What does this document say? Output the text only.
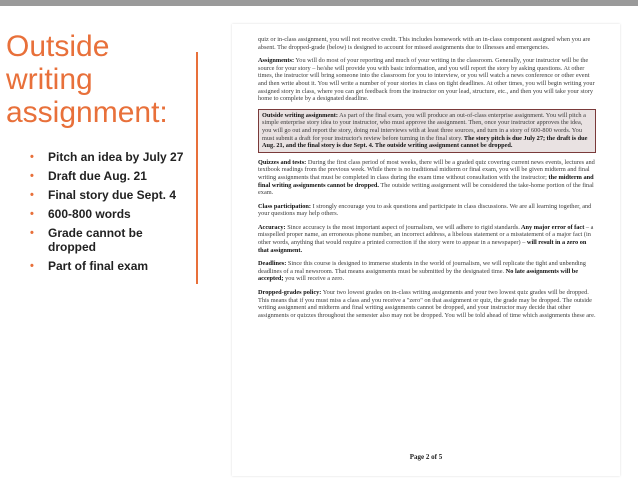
Outside
writing
assignment:
• Pitch an idea by July 27
• Draft due Aug. 21
• Final story due Sept. 4
• 600-800 words
• Grade cannot be dropped
• Part of final exam

quiz or in-class assignment, you will not receive credit. This includes homework with an in-class component assigned when you are absent. The dropped-grade (below) is designed to account for missed assignments due to illnesses and emergencies.

Assignments: You will do most of your reporting and much of your writing in the classroom. Generally, your instructor will be the source for your story – he/she will provide you with basic information, and you will report the story by asking questions. At other times, the instructor will bring someone into the classroom for you to interview, or you will watch a news conference or other event and then write about it. You will write a number of your stories in class on tight deadlines. At other times, you will begin writing your assigned story in class, where you can get feedback from the instructor on your lead, structure, etc., and then you will take your story home to complete by a designated deadline.

Outside writing assignment: As part of the final exam, you will produce an out-of-class enterprise assignment. You will pitch a simple enterprise story idea to your instructor, who must approve the assignment. Then, once your instructor approves the idea, you will go out and report the story, doing real interviews with at least three sources, and turn in a story of 600-800 words. You must submit a draft for your instructor's review before turning in the final story. The story pitch is due July 27; the draft is due Aug. 21, and the final story is due Sept. 4. The outside writing assignment cannot be dropped.

Quizzes and tests: During the first class period of most weeks, there will be a graded quiz covering current news events, lectures and textbook readings from the previous week. While there is no traditional midterm or final exam, you will be given midterm and final writing assignments that must be completed in class during the exam time without consultation with the instructor; the midterm and final writing assignments cannot be dropped. The outside writing assignment will be considered the take-home portion of the final exam.

Class participation: I strongly encourage you to ask questions and participate in class discussions. We are all learning together, and your questions may help others.

Accuracy: Since accuracy is the most important aspect of journalism, we will adhere to rigid standards. Any major error of fact – a misspelled proper name, an erroneous phone number, an incorrect address, a libelous statement or a misstatement of a major fact (in other words, anything that would require a printed correction if the story were to appear in a newspaper) – will result in a zero on that assignment.

Deadlines: Since this course is designed to immerse students in the world of journalism, we will replicate the tight and unbending deadlines of a real newsroom. That means assignments must be submitted by the designated time. No late assignments will be accepted; you will receive a zero.

Dropped-grades policy: Your two lowest grades on in-class writing assignments and your two lowest quiz grades will be dropped. This means that if you must miss a class and you receive a "zero" on that assignment or quiz, the grade may be dropped. The outside writing assignment and midterm and final writing assignments cannot be dropped, and your instructor may decide that other assignments or quizzes throughout the semester also may not be dropped. You will be told ahead of time which assignments these are.

Page 2 of 5
